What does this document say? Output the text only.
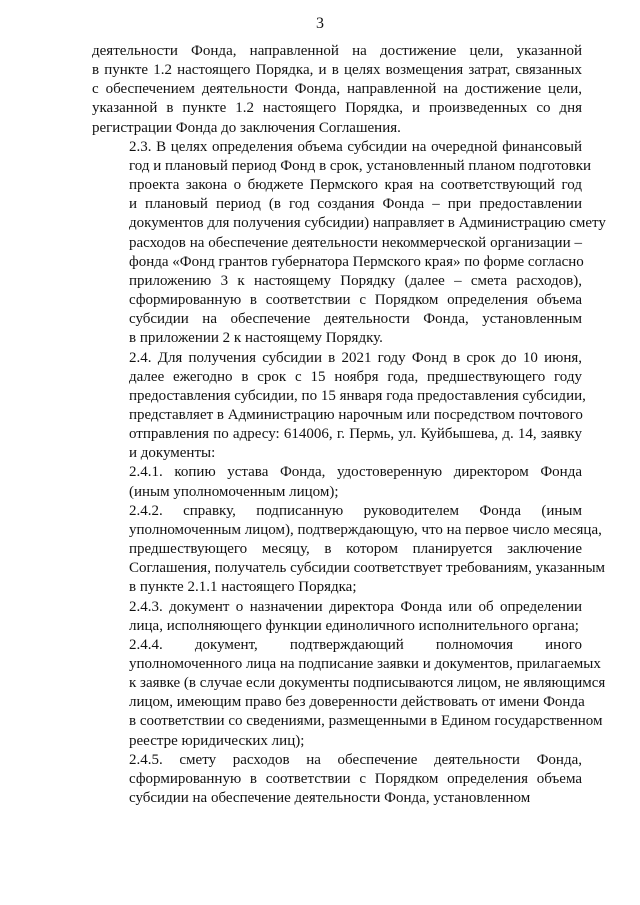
3

деятельности Фонда, направленной на достижение цели, указанной
в пункте 1.2 настоящего Порядка, и в целях возмещения затрат, связанных
с обеспечением деятельности Фонда, направленной на достижение цели,
указанной в пункте 1.2 настоящего Порядка, и произведенных со дня
регистрации Фонда до заключения Соглашения.

2.3. В целях определения объема субсидии на очередной финансовый
год и плановый период Фонд в срок, установленный планом подготовки
проекта закона о бюджете Пермского края на соответствующий год
и плановый период (в год создания Фонда – при предоставлении
документов для получения субсидии) направляет в Администрацию смету
расходов на обеспечение деятельности некоммерческой организации –
фонда «Фонд грантов губернатора Пермского края» по форме согласно
приложению 3 к настоящему Порядку (далее – смета расходов),
сформированную в соответствии с Порядком определения объема
субсидии на обеспечение деятельности Фонда, установленным
в приложении 2 к настоящему Порядку.

2.4. Для получения субсидии в 2021 году Фонд в срок до 10 июня,
далее ежегодно в срок с 15 ноября года, предшествующего году
предоставления субсидии, по 15 января года предоставления субсидии,
представляет в Администрацию нарочным или посредством почтового
отправления по адресу: 614006, г. Пермь, ул. Куйбышева, д. 14, заявку
и документы:

2.4.1. копию устава Фонда, удостоверенную директором Фонда
(иным уполномоченным лицом);

2.4.2. справку, подписанную руководителем Фонда (иным
уполномоченным лицом), подтверждающую, что на первое число месяца,
предшествующего месяцу, в котором планируется заключение
Соглашения, получатель субсидии соответствует требованиям, указанным
в пункте 2.1.1 настоящего Порядка;

2.4.3. документ о назначении директора Фонда или об определении
лица, исполняющего функции единоличного исполнительного органа;

2.4.4. документ, подтверждающий полномочия иного
уполномоченного лица на подписание заявки и документов, прилагаемых
к заявке (в случае если документы подписываются лицом, не являющимся
лицом, имеющим право без доверенности действовать от имени Фонда
в соответствии со сведениями, размещенными в Едином государственном
реестре юридических лиц);

2.4.5. смету расходов на обеспечение деятельности Фонда,
сформированную в соответствии с Порядком определения объема
субсидии на обеспечение деятельности Фонда, установленном
